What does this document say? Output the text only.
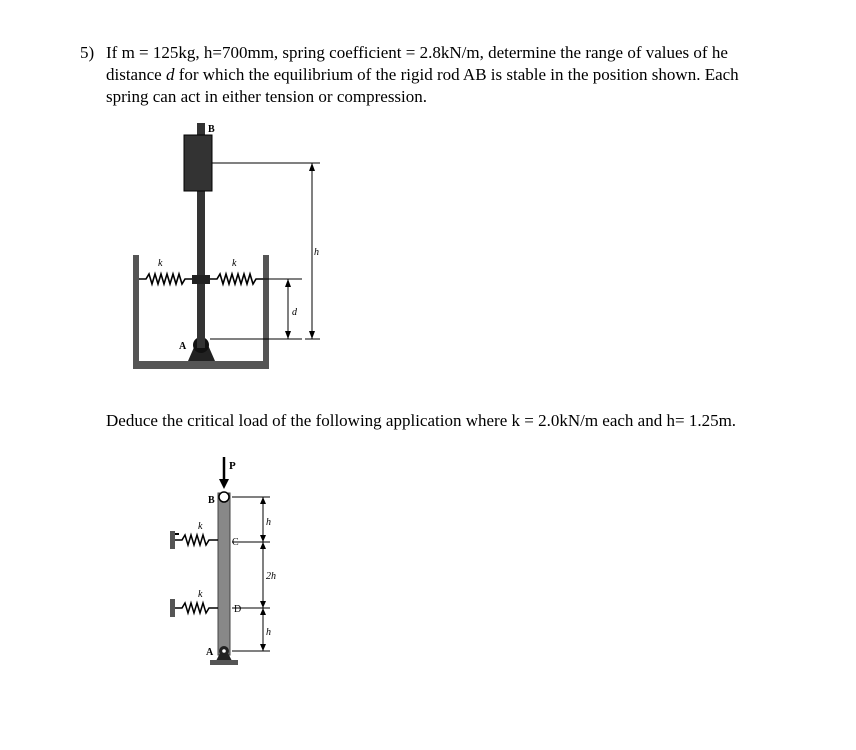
5) If m = 125kg, h=700mm, spring coefficient = 2.8kN/m, determine the range of values of he
distance d for which the equilibrium of the rigid rod AB is stable in the position shown. Each
spring can act in either tension or compression.
B
k	k
A
h
d
Deduce the critical load of the following application where k = 2.0kN/m each and h= 1.25m.
P
B
k
C
k
D
A
h
2h
h
